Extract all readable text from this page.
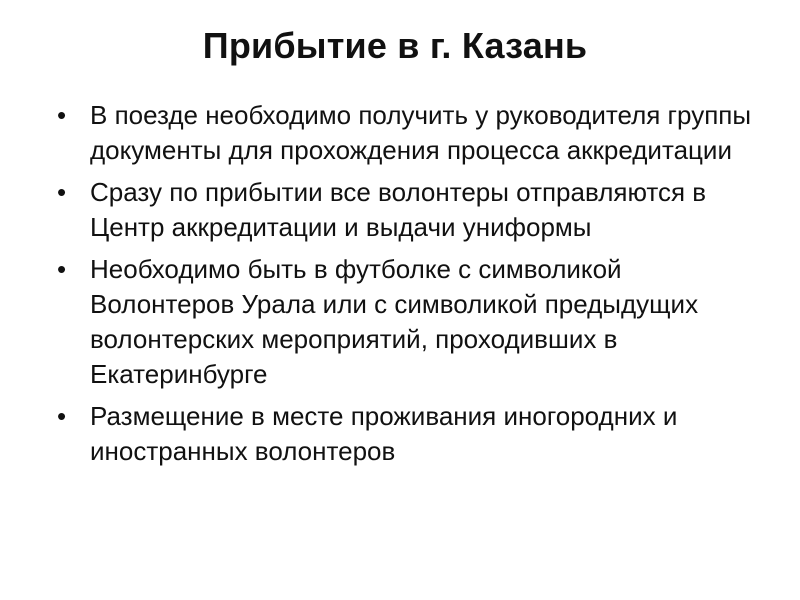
Прибытие в г. Казань
• В поезде необходимо получить у руководителя группы документы для прохождения процесса аккредитации
• Сразу по прибытии все волонтеры отправляются в Центр аккредитации и выдачи униформы
• Необходимо быть в футболке с символикой Волонтеров Урала или с символикой предыдущих волонтерских мероприятий, проходивших в Екатеринбурге
• Размещение в месте проживания иногородних и иностранных волонтеров
